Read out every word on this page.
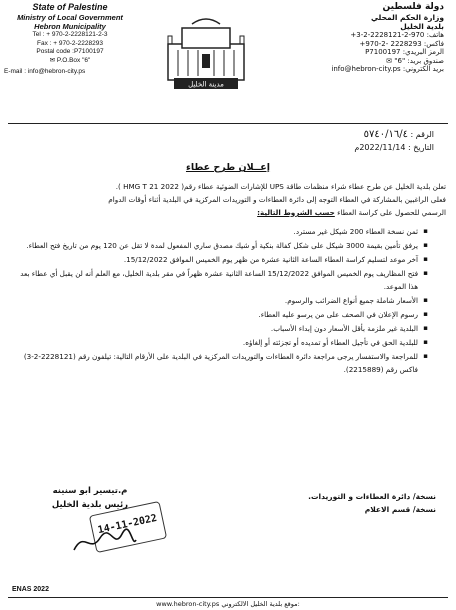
State of Palestine
Ministry of Local Government
Hebron Municipality
Tel : + 970-2-2228121-2-3
Fax : + 970-2-2228293
Postal code :P7100197
✉ P.O.Box "6"
E-mail : info@hebron-city.ps
مدينة الخليل
دولة فلسطين
وزارة الحكم المحلي
بلدية الخليل
هاتف: 970-2-2228121-2-3+
فاكس: 2228293 -2-970+
الرمز البريدي: P7100197
صندوق بريد: "6" ✉
بريد الكتروني: info@hebron-city.ps
الرقم : ٥٧٤٠/١٦/٤
التاريخ : 2022/11/14م
إعــلان طرح عطاء

تعلن بلدية الخليل عن طرح عطاء شراء منظمات طاقة UPS للإشارات الضوئية عطاء رقم( HMG T 21 2022 ).

فعلى الراغبين بالمشاركة في العطاء التوجه إلى دائرة العطاءات و التوريدات المركزية في البلدية أثناء أوقات الدوام

الرسمي للحصول على كراسة العطاء حسب الشروط التالية:

▪ ثمن نسخة العطاء 200 شيكل غير مسترد.
▪ يرفق تأمين بقيمة 3000 شيكل على شكل كفالة بنكية أو شيك مصدق ساري المفعول لمدة لا تقل عن 120 يوم من تاريخ فتح العطاء.
▪ آخر موعد لتسليم كراسة العطاء الساعة الثانية عشرة من ظهر يوم الخميس الموافق 15/12/2022.
▪ فتح المظاريف يوم الخميس الموافق 15/12/2022 الساعة الثانية عشرة ظهراً في مقر بلدية الخليل، مع العلم أنه لن يقبل أي عطاء بعد هذا الموعد.
▪ الأسعار شاملة جميع أنواع الضرائب والرسوم.
▪ رسوم الإعلان في الصحف على من يرسو عليه العطاء.
▪ البلدية غير ملزمة بأقل الأسعار دون إبداء الأسباب.
▪ للبلدية الحق في تأجيل العطاء أو تمديده أو تجزئته أو إلغاؤه.
▪ للمراجعة والاستفسار يرجى مراجعة دائرة العطاءات والتوريدات المركزية في البلدية على الأرقام التالية: تيلفون رقم (2228121-2-3) فاكس رقم (2215889).
م.تيسير ابو سنينه
رئيس بلدية الخليل
14-11-2022
نسخة/ دائرة العطاءات و التوريدات.
نسخة/ قسم الاعلام
ENAS 2022
www.hebron-city.ps موقع بلدية الخليل الالكتروني:
